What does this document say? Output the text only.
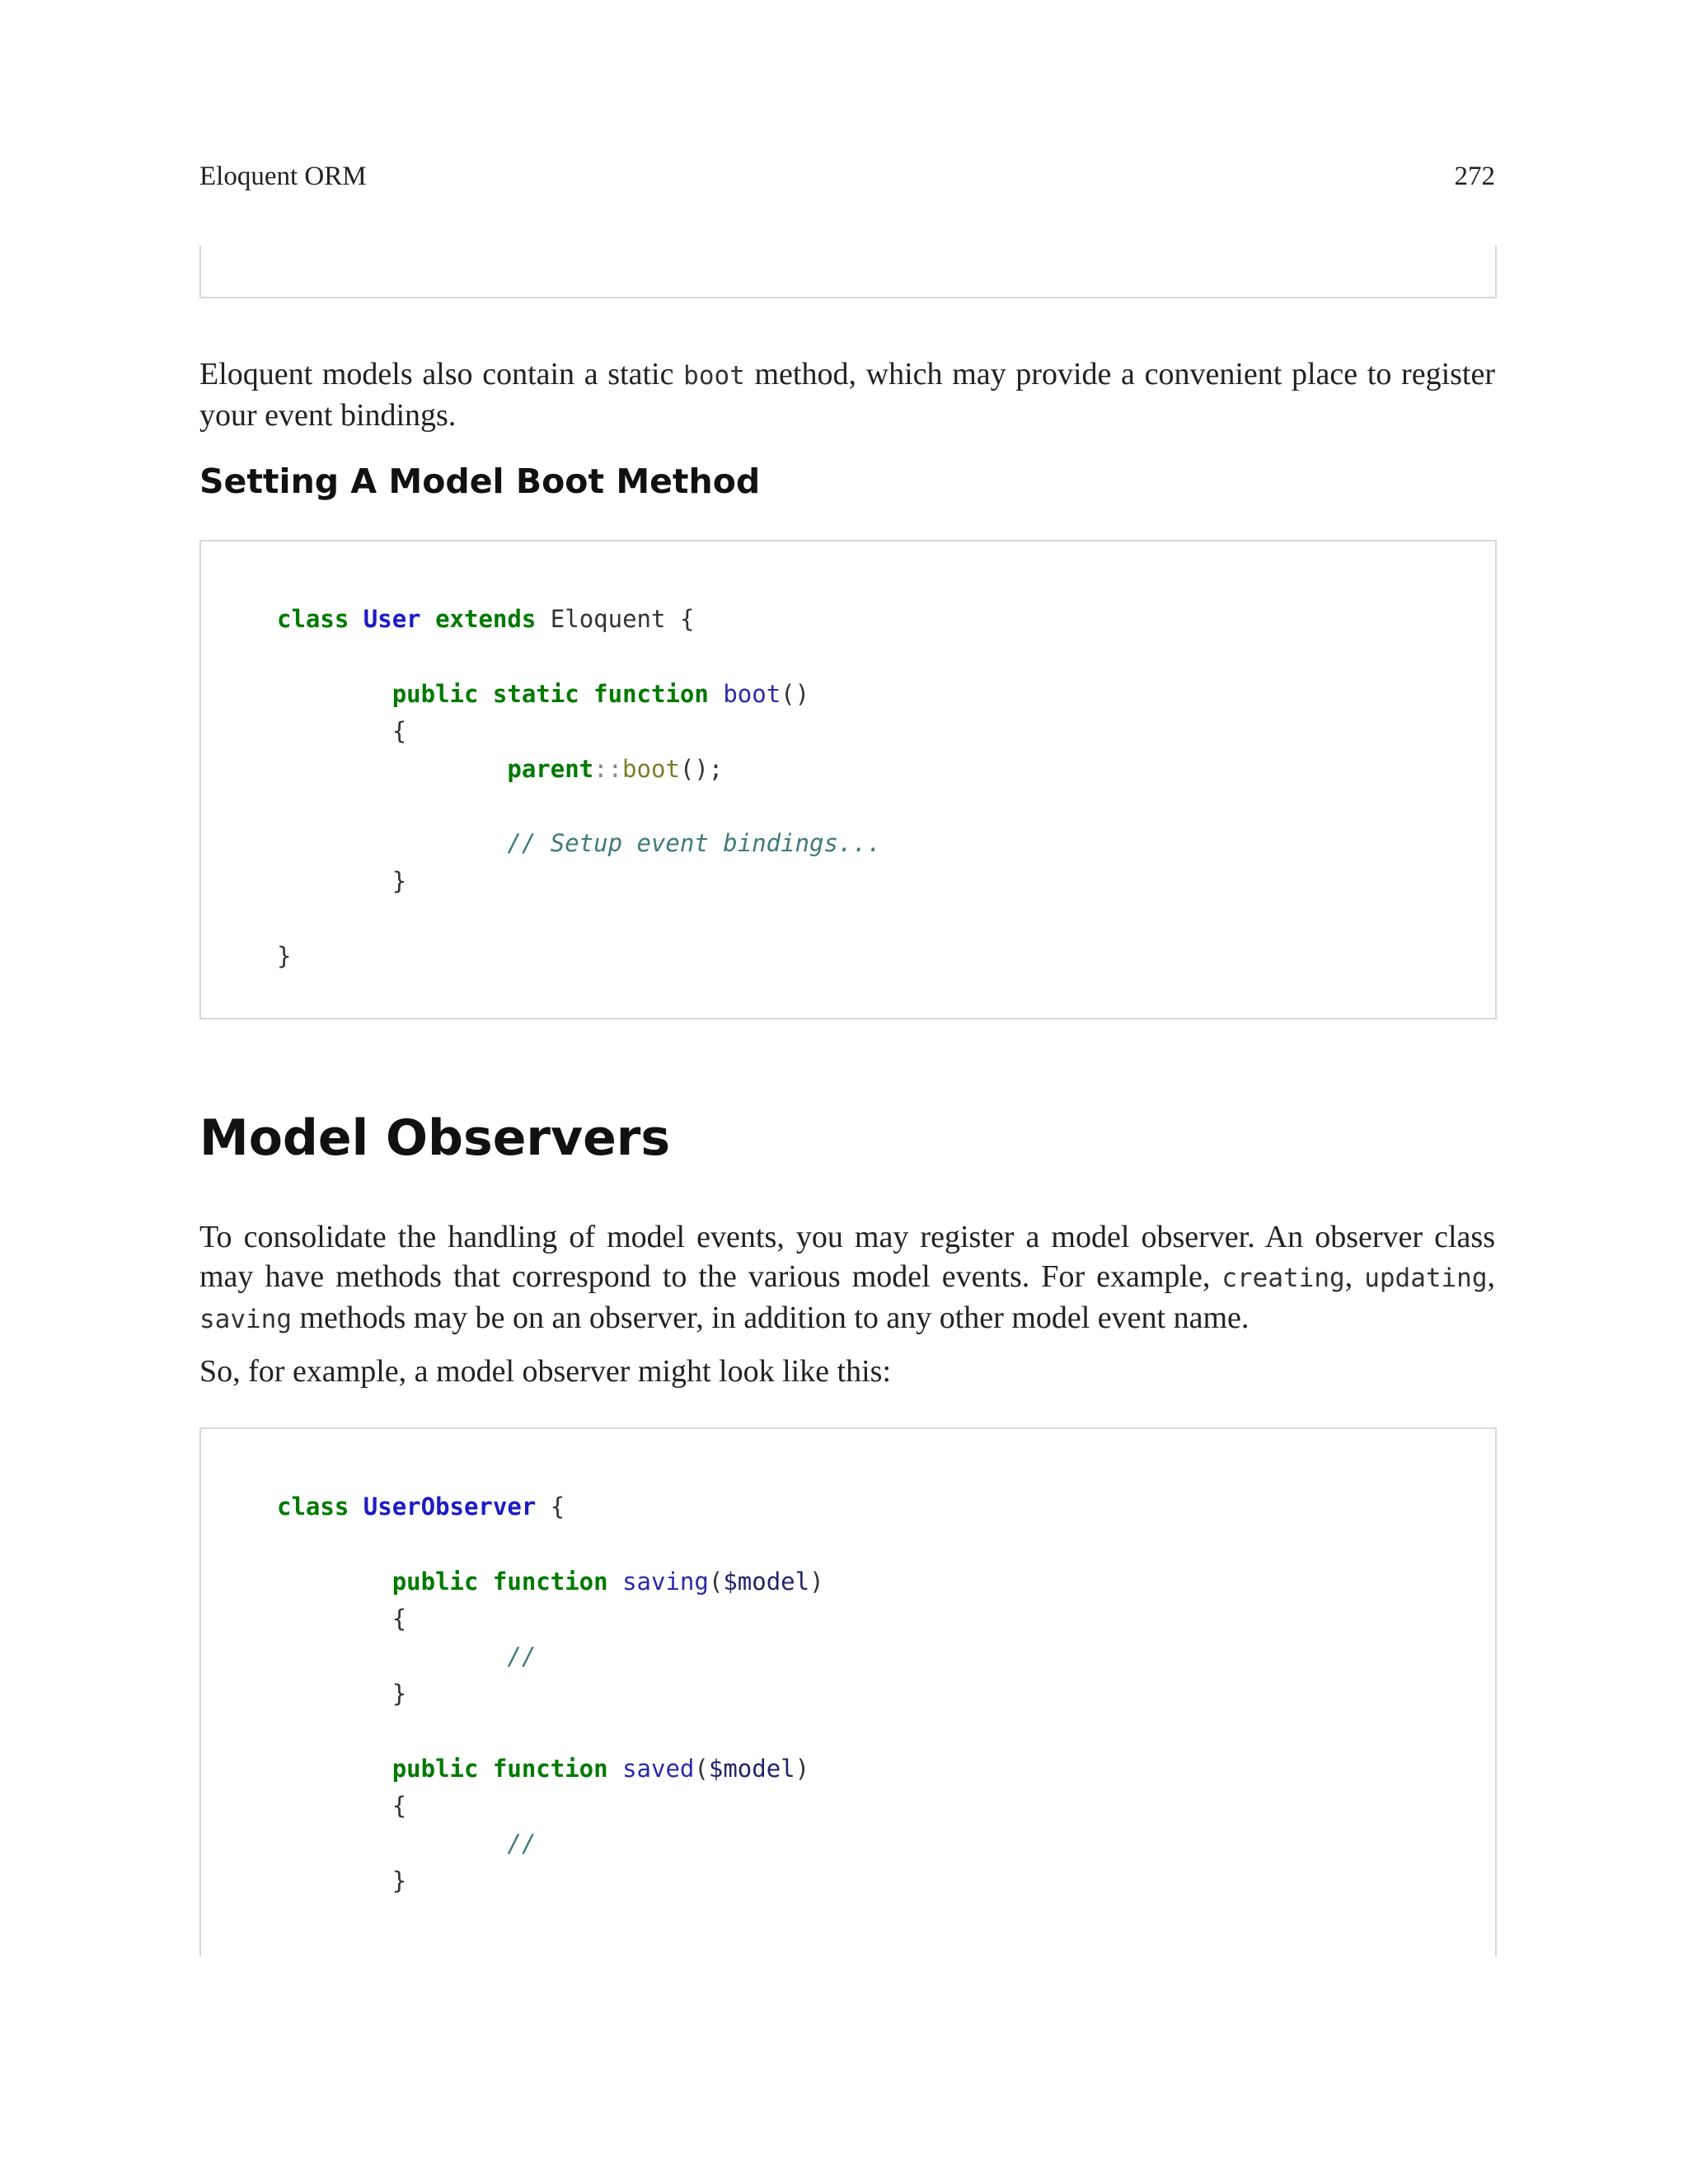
Eloquent ORM	272

Eloquent models also contain a static boot method, which may provide a convenient place to register your event bindings.

Setting A Model Boot Method
class User extends Eloquent {
public static function boot()
{
parent::boot();
// Setup event bindings...
}
}
Model Observers

To consolidate the handling of model events, you may register a model observer. An observer class may have methods that correspond to the various model events. For example, creating, updating, saving methods may be on an observer, in addition to any other model event name.

So, for example, a model observer might look like this:

class UserObserver {
public function saving($model)
{
//
}
public function saved($model)
{
//
}
